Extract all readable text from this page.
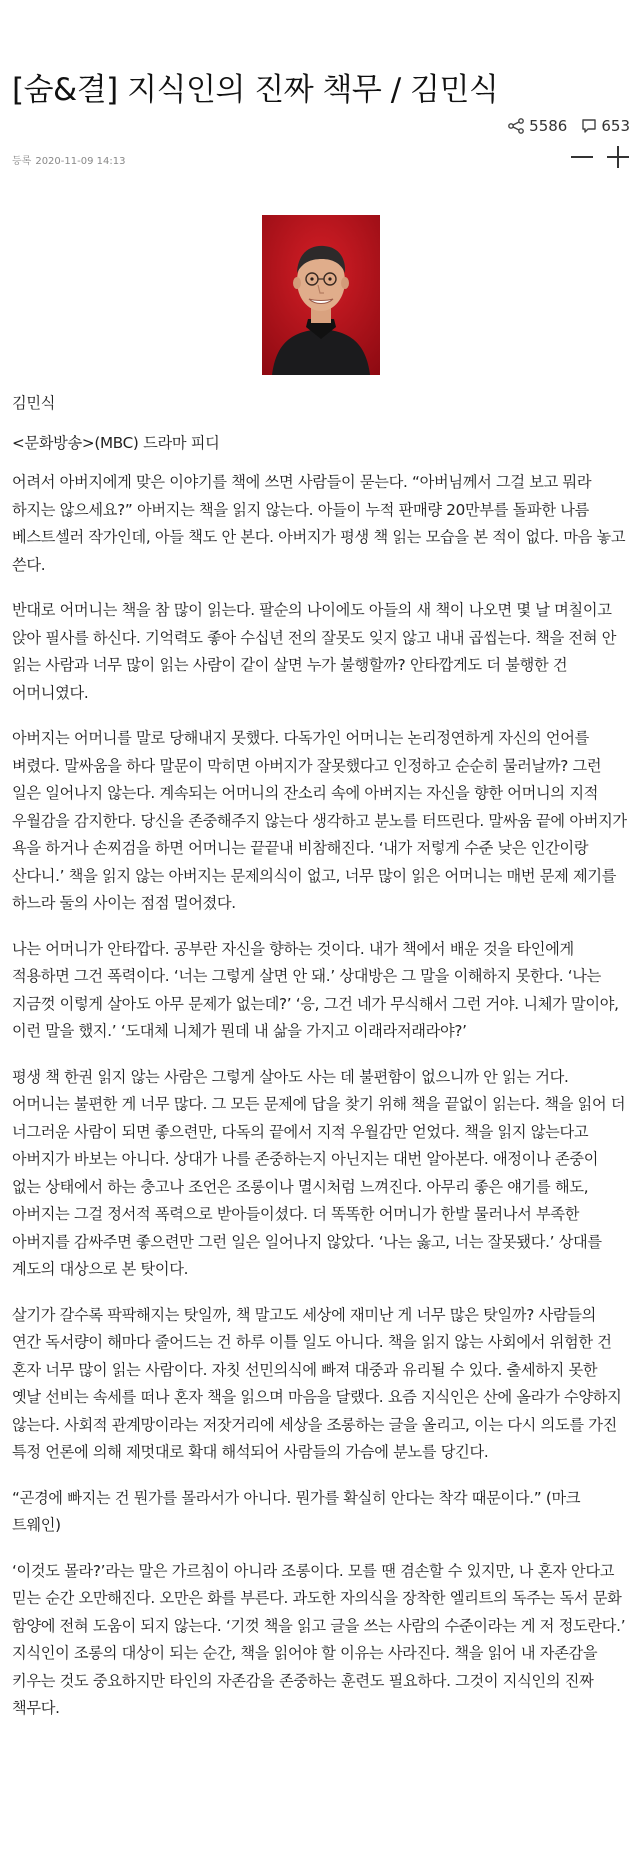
[숨&결] 지식인의 진짜 책무 / 김민식
5586 653
등록 2020-11-09 14:13

김민식

<문화방송>(MBC) 드라마 피디

어려서 아버지에게 맞은 이야기를 책에 쓰면 사람들이 묻는다. “아버님께서 그걸 보고 뭐라 하지는 않으세요?” 아버지는 책을 읽지 않는다. 아들이 누적 판매량 20만부를 돌파한 나름 베스트셀러 작가인데, 아들 책도 안 본다. 아버지가 평생 책 읽는 모습을 본 적이 없다. 마음 놓고 쓴다.

반대로 어머니는 책을 참 많이 읽는다. 팔순의 나이에도 아들의 새 책이 나오면 몇 날 며칠이고 앉아 필사를 하신다. 기억력도 좋아 수십년 전의 잘못도 잊지 않고 내내 곱씹는다. 책을 전혀 안 읽는 사람과 너무 많이 읽는 사람이 같이 살면 누가 불행할까? 안타깝게도 더 불행한 건 어머니였다.

아버지는 어머니를 말로 당해내지 못했다. 다독가인 어머니는 논리정연하게 자신의 언어를 벼렸다. 말싸움을 하다 말문이 막히면 아버지가 잘못했다고 인정하고 순순히 물러날까? 그런 일은 일어나지 않는다. 계속되는 어머니의 잔소리 속에 아버지는 자신을 향한 어머니의 지적 우월감을 감지한다. 당신을 존중해주지 않는다 생각하고 분노를 터뜨린다. 말싸움 끝에 아버지가 욕을 하거나 손찌검을 하면 어머니는 끝끝내 비참해진다. ‘내가 저렇게 수준 낮은 인간이랑 산다니.’ 책을 읽지 않는 아버지는 문제의식이 없고, 너무 많이 읽은 어머니는 매번 문제 제기를 하느라 둘의 사이는 점점 멀어졌다.

나는 어머니가 안타깝다. 공부란 자신을 향하는 것이다. 내가 책에서 배운 것을 타인에게 적용하면 그건 폭력이다. ‘너는 그렇게 살면 안 돼.’ 상대방은 그 말을 이해하지 못한다. ‘나는 지금껏 이렇게 살아도 아무 문제가 없는데?’ ‘응, 그건 네가 무식해서 그런 거야. 니체가 말이야, 이런 말을 했지.’ ‘도대체 니체가 뭔데 내 삶을 가지고 이래라저래라야?’

평생 책 한권 읽지 않는 사람은 그렇게 살아도 사는 데 불편함이 없으니까 안 읽는 거다. 어머니는 불편한 게 너무 많다. 그 모든 문제에 답을 찾기 위해 책을 끝없이 읽는다. 책을 읽어 더 너그러운 사람이 되면 좋으련만, 다독의 끝에서 지적 우월감만 얻었다. 책을 읽지 않는다고 아버지가 바보는 아니다. 상대가 나를 존중하는지 아닌지는 대번 알아본다. 애정이나 존중이 없는 상태에서 하는 충고나 조언은 조롱이나 멸시처럼 느껴진다. 아무리 좋은 얘기를 해도, 아버지는 그걸 정서적 폭력으로 받아들이셨다. 더 똑똑한 어머니가 한발 물러나서 부족한 아버지를 감싸주면 좋으련만 그런 일은 일어나지 않았다. ‘나는 옳고, 너는 잘못됐다.’ 상대를 계도의 대상으로 본 탓이다.

살기가 갈수록 팍팍해지는 탓일까, 책 말고도 세상에 재미난 게 너무 많은 탓일까? 사람들의 연간 독서량이 해마다 줄어드는 건 하루 이틀 일도 아니다. 책을 읽지 않는 사회에서 위험한 건 혼자 너무 많이 읽는 사람이다. 자칫 선민의식에 빠져 대중과 유리될 수 있다. 출세하지 못한 옛날 선비는 속세를 떠나 혼자 책을 읽으며 마음을 달랬다. 요즘 지식인은 산에 올라가 수양하지 않는다. 사회적 관계망이라는 저잣거리에 세상을 조롱하는 글을 올리고, 이는 다시 의도를 가진 특정 언론에 의해 제멋대로 확대 해석되어 사람들의 가슴에 분노를 당긴다.

“곤경에 빠지는 건 뭔가를 몰라서가 아니다. 뭔가를 확실히 안다는 착각 때문이다.” (마크 트웨인)

‘이것도 몰라?’라는 말은 가르침이 아니라 조롱이다. 모를 땐 겸손할 수 있지만, 나 혼자 안다고 믿는 순간 오만해진다. 오만은 화를 부른다. 과도한 자의식을 장착한 엘리트의 독주는 독서 문화 함양에 전혀 도움이 되지 않는다. ‘기껏 책을 읽고 글을 쓰는 사람의 수준이라는 게 저 정도란다.’ 지식인이 조롱의 대상이 되는 순간, 책을 읽어야 할 이유는 사라진다. 책을 읽어 내 자존감을 키우는 것도 중요하지만 타인의 자존감을 존중하는 훈련도 필요하다. 그것이 지식인의 진짜 책무다.
